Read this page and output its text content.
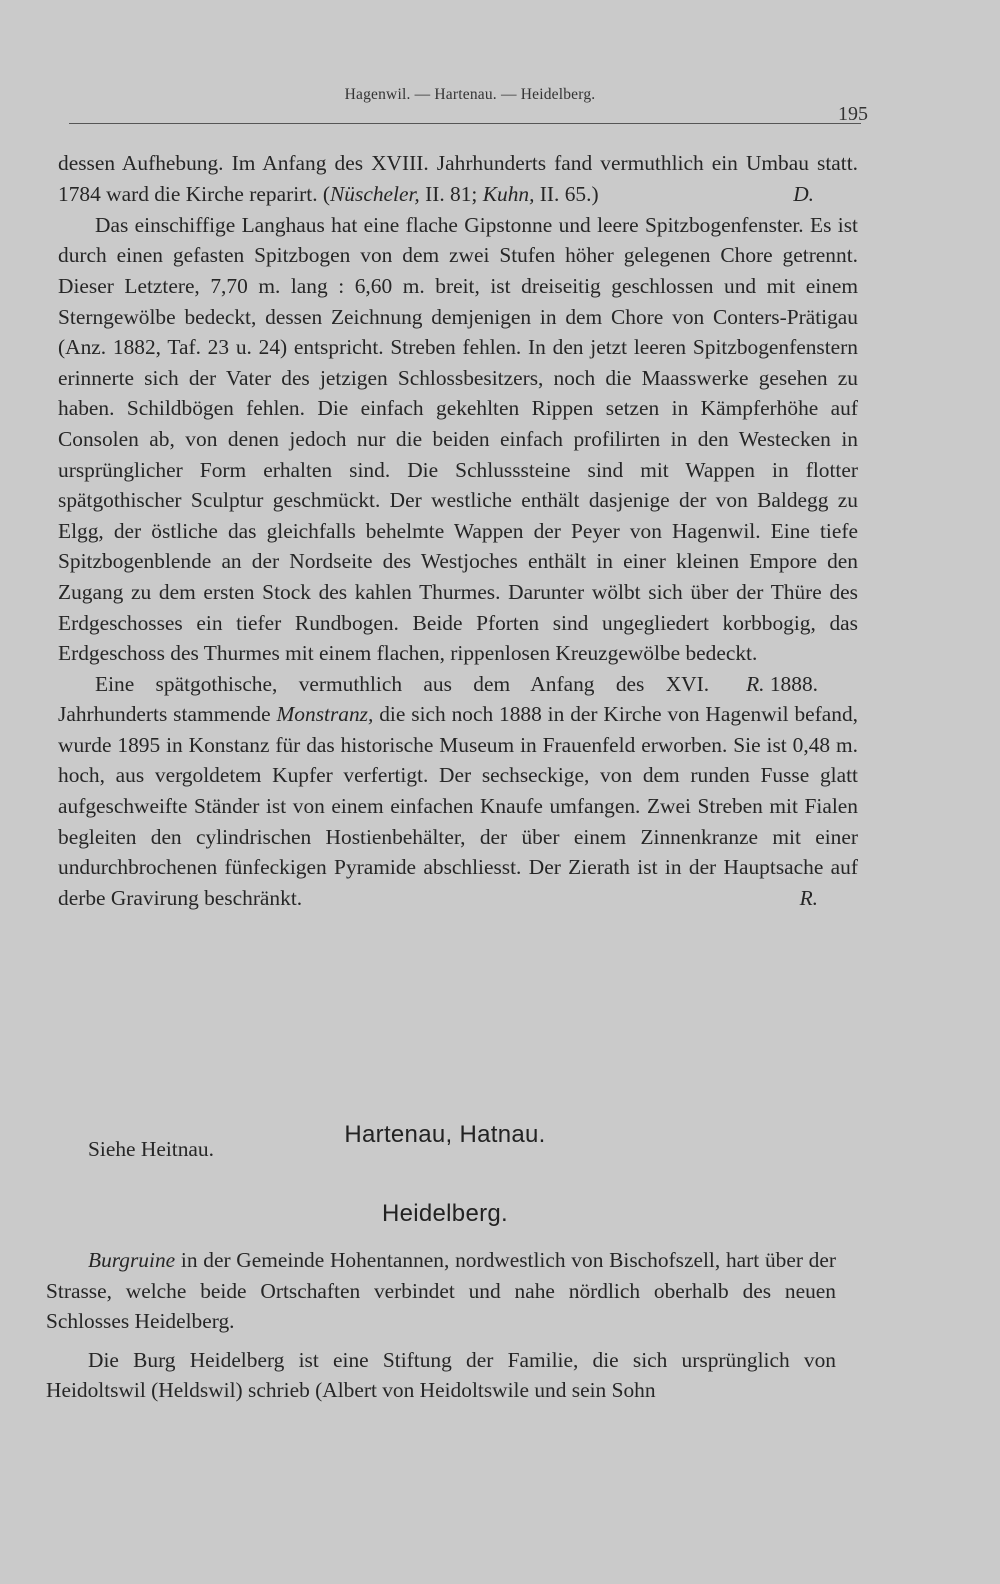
Hagenwil. — Hartenau. — Heidelberg.
195

dessen Aufhebung. Im Anfang des XVIII. Jahrhunderts fand vermuthlich ein Umbau statt. 1784 ward die Kirche reparirt. (Nüscheler, II. 81; Kuhn, II. 65.)	D.

Das einschiffige Langhaus hat eine flache Gipstonne und leere Spitzbogenfenster. Es ist durch einen gefasten Spitzbogen von dem zwei Stufen höher gelegenen Chore getrennt. Dieser Letztere, 7,70 m. lang : 6,60 m. breit, ist dreiseitig geschlossen und mit einem Sterngewölbe bedeckt, dessen Zeichnung demjenigen in dem Chore von Conters-Prätigau (Anz. 1882, Taf. 23 u. 24) entspricht. Streben fehlen. In den jetzt leeren Spitzbogenfenstern erinnerte sich der Vater des jetzigen Schlossbesitzers, noch die Maasswerke gesehen zu haben. Schildbögen fehlen. Die einfach gekehlten Rippen setzen in Kämpferhöhe auf Consolen ab, von denen jedoch nur die beiden einfach profilirten in den Westecken in ursprünglicher Form erhalten sind. Die Schlusssteine sind mit Wappen in flotter spätgothischer Sculptur geschmückt. Der westliche enthält dasjenige der von Baldegg zu Elgg, der östliche das gleichfalls behelmte Wappen der Peyer von Hagenwil. Eine tiefe Spitzbogenblende an der Nordseite des Westjoches enthält in einer kleinen Empore den Zugang zu dem ersten Stock des kahlen Thurmes. Darunter wölbt sich über der Thüre des Erdgeschosses ein tiefer Rundbogen. Beide Pforten sind ungegliedert korbbogig, das Erdgeschoss des Thurmes mit einem flachen, rippenlosen Kreuzgewölbe bedeckt.
R. 1888.

Eine spätgothische, vermuthlich aus dem Anfang des XVI. Jahrhunderts stammende Monstranz, die sich noch 1888 in der Kirche von Hagenwil befand, wurde 1895 in Konstanz für das historische Museum in Frauenfeld erworben. Sie ist 0,48 m. hoch, aus vergoldetem Kupfer verfertigt. Der sechseckige, von dem runden Fusse glatt aufgeschweifte Ständer ist von einem einfachen Knaufe umfangen. Zwei Streben mit Fialen begleiten den cylindrischen Hostienbehälter, der über einem Zinnenkranze mit einer undurchbrochenen fünfeckigen Pyramide abschliesst. Der Zierath ist in der Hauptsache auf derbe Gravirung beschränkt.	R.

Hartenau, Hatnau.
Siehe Heitnau.
Heidelberg.

Burgruine in der Gemeinde Hohentannen, nordwestlich von Bischofszell, hart über der Strasse, welche beide Ortschaften verbindet und nahe nördlich oberhalb des neuen Schlosses Heidelberg.

Die Burg Heidelberg ist eine Stiftung der Familie, die sich ursprünglich von Heidoltswil (Heldswil) schrieb (Albert von Heidoltswile und sein Sohn
